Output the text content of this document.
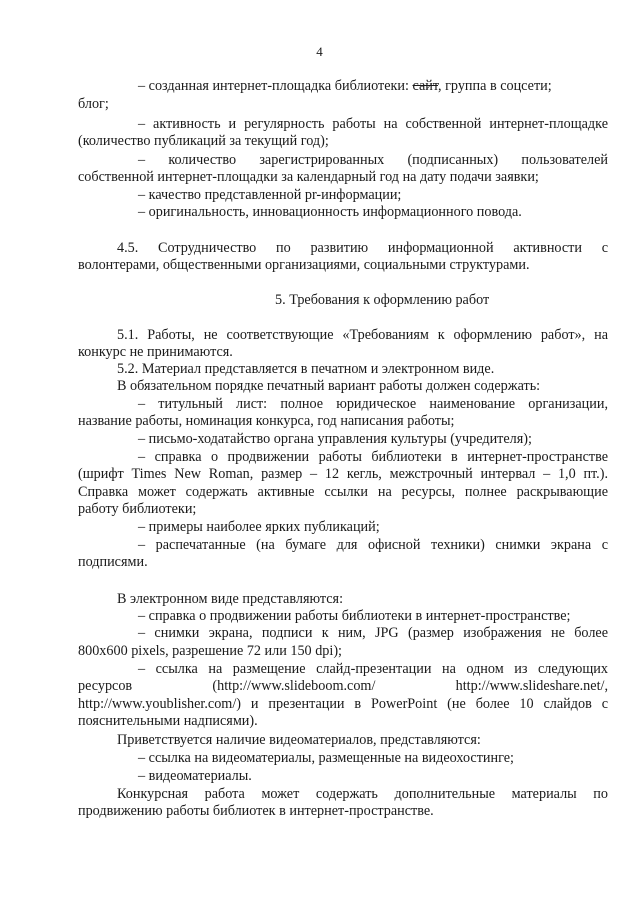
4
– созданная интернет-площадка библиотеки: сайт, группа в соцсети;
блог;
– активность и регулярность работы на собственной интернет-площадке
(количество публикаций за текущий год);
– количество зарегистрированных (подписанных) пользователей
собственной интернет-площадки за календарный год на дату подачи заявки;
– качество представленной pr-информации;
– оригинальность, инновационность информационного повода.
4.5. Сотрудничество по развитию информационной активности с
волонтерами, общественными организациями, социальными структурами.
5. Требования к оформлению работ
5.1. Работы, не соответствующие «Требованиям к оформлению работ», на
конкурс не принимаются.
5.2. Материал представляется в печатном и электронном виде.
В обязательном порядке печатный вариант работы должен содержать:
– титульный лист: полное юридическое наименование организации,
название работы, номинация конкурса, год написания работы;
– письмо-ходатайство органа управления культуры (учредителя);
– справка о продвижении работы библиотеки в интернет-пространстве
(шрифт Times New Roman, размер – 12 кегль, межстрочный интервал – 1,0 пт.).
Справка может содержать активные ссылки на ресурсы, полнее раскрывающие
работу библиотеки;
– примеры наиболее ярких публикаций;
– распечатанные (на бумаге для офисной техники) снимки экрана с
подписями.
В электронном виде представляются:
– справка о продвижении работы библиотеки в интернет-пространстве;
– снимки экрана, подписи к ним, JPG (размер изображения не более
800х600 pixels, разрешение 72 или 150 dpi);
– ссылка на размещение слайд-презентации на одном из следующих
ресурсов (http://www.slideboom.com/ http://www.slideshare.net/,
http://www.youblisher.com/) и презентации в PowerPoint (не более 10 слайдов с
пояснительными надписями).
Приветствуется наличие видеоматериалов, представляются:
– ссылка на видеоматериалы, размещенные на видеохостинге;
– видеоматериалы.
Конкурсная работа может содержать дополнительные материалы по
продвижению работы библиотек в интернет-пространстве.
